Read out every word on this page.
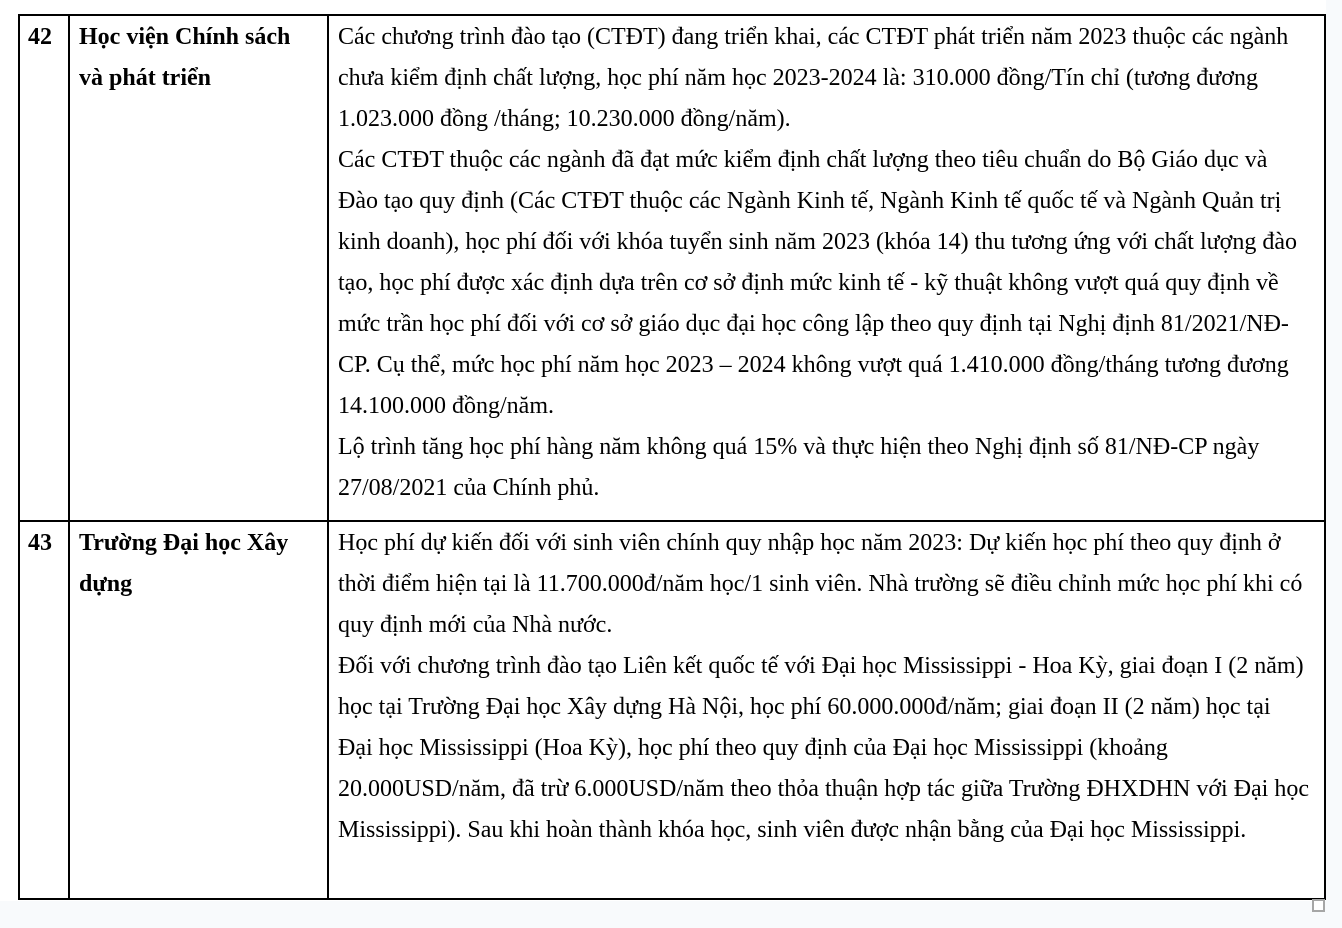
42	Học viện Chính sách và phát triển	Các chương trình đào tạo (CTĐT) đang triển khai, các CTĐT phát triển năm 2023 thuộc các ngành chưa kiểm định chất lượng, học phí năm học 2023-2024 là: 310.000 đồng/Tín chỉ (tương đương 1.023.000 đồng /tháng; 10.230.000 đồng/năm).

Các CTĐT thuộc các ngành đã đạt mức kiểm định chất lượng theo tiêu chuẩn do Bộ Giáo dục và Đào tạo quy định (Các CTĐT thuộc các Ngành Kinh tế, Ngành Kinh tế quốc tế và Ngành Quản trị kinh doanh), học phí đối với khóa tuyển sinh năm 2023 (khóa 14) thu tương ứng với chất lượng đào tạo, học phí được xác định dựa trên cơ sở định mức kinh tế - kỹ thuật không vượt quá quy định về mức trần học phí đối với cơ sở giáo dục đại học công lập theo quy định tại Nghị định 81/2021/NĐ-CP. Cụ thể, mức học phí năm học 2023 – 2024 không vượt quá 1.410.000 đồng/tháng tương đương 14.100.000 đồng/năm.

Lộ trình tăng học phí hàng năm không quá 15% và thực hiện theo Nghị định số 81/NĐ-CP ngày 27/08/2021 của Chính phủ.

43	Trường Đại học Xây dựng	Học phí dự kiến đối với sinh viên chính quy nhập học năm 2023: Dự kiến học phí theo quy định ở thời điểm hiện tại là 11.700.000đ/năm học/1 sinh viên. Nhà trường sẽ điều chỉnh mức học phí khi có quy định mới của Nhà nước.

Đối với chương trình đào tạo Liên kết quốc tế với Đại học Mississippi - Hoa Kỳ, giai đoạn I (2 năm) học tại Trường Đại học Xây dựng Hà Nội, học phí 60.000.000đ/năm; giai đoạn II (2 năm) học tại Đại học Mississippi (Hoa Kỳ), học phí theo quy định của Đại học Mississippi (khoảng 20.000USD/năm, đã trừ 6.000USD/năm theo thỏa thuận hợp tác giữa Trường ĐHXDHN với Đại học Mississippi). Sau khi hoàn thành khóa học, sinh viên được nhận bằng của Đại học Mississippi.
